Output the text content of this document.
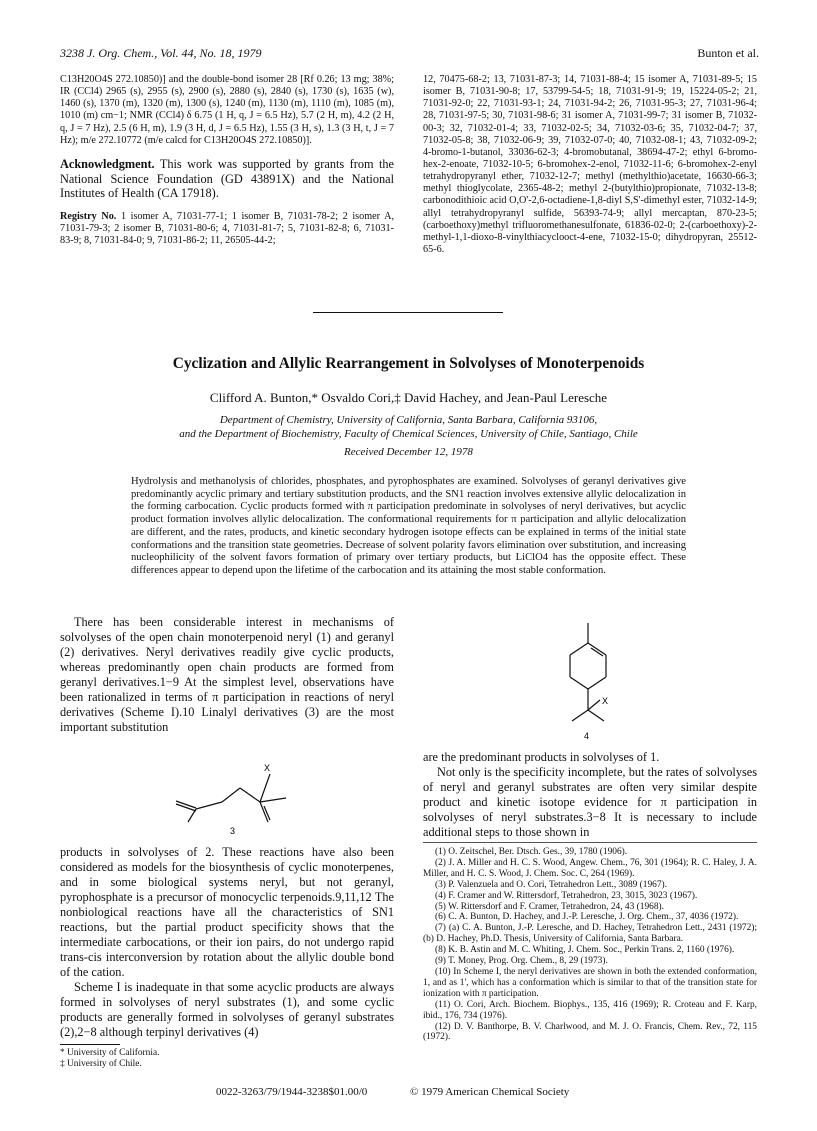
3238 J. Org. Chem., Vol. 44, No. 18, 1979	Bunton et al.

C13H20O4S 272.10850)] and the double-bond isomer 28 [Rf 0.26; 13 mg; 38%; IR (CCl4) 2965 (s), 2955 (s), 2900 (s), 2880 (s), 2840 (s), 1730 (s), 1635 (w), 1460 (s), 1370 (m), 1320 (m), 1300 (s), 1240 (m), 1130 (m), 1110 (m), 1085 (m), 1010 (m) cm−1; NMR (CCl4) δ 6.75 (1 H, q, J = 6.5 Hz), 5.7 (2 H, m), 4.2 (2 H, q, J = 7 Hz), 2.5 (6 H, m), 1.9 (3 H, d, J = 6.5 Hz), 1.55 (3 H, s), 1.3 (3 H, t, J = 7 Hz); m/e 272.10772 (m/e calcd for C13H20O4S 272.10850)].

Acknowledgment. This work was supported by grants from the National Science Foundation (GD 43891X) and the National Institutes of Health (CA 17918).

Registry No. 1 isomer A, 71031-77-1; 1 isomer B, 71031-78-2; 2 isomer A, 71031-79-3; 2 isomer B, 71031-80-6; 4, 71031-81-7; 5, 71031-82-8; 6, 71031-83-9; 8, 71031-84-0; 9, 71031-86-2; 11, 26505-44-2;

12, 70475-68-2; 13, 71031-87-3; 14, 71031-88-4; 15 isomer A, 71031-89-5; 15 isomer B, 71031-90-8; 17, 53799-54-5; 18, 71031-91-9; 19, 15224-05-2; 21, 71031-92-0; 22, 71031-93-1; 24, 71031-94-2; 26, 71031-95-3; 27, 71031-96-4; 28, 71031-97-5; 30, 71031-98-6; 31 isomer A, 71031-99-7; 31 isomer B, 71032-00-3; 32, 71032-01-4; 33, 71032-02-5; 34, 71032-03-6; 35, 71032-04-7; 37, 71032-05-8; 38, 71032-06-9; 39, 71032-07-0; 40, 71032-08-1; 43, 71032-09-2; 4-bromo-1-butanol, 33036-62-3; 4-bromobutanal, 38694-47-2; ethyl 6-bromo-hex-2-enoate, 71032-10-5; 6-bromohex-2-enol, 71032-11-6; 6-bromohex-2-enyl tetrahydropyranyl ether, 71032-12-7; methyl (methylthio)acetate, 16630-66-3; methyl thioglycolate, 2365-48-2; methyl 2-(butylthio)propionate, 71032-13-8; carbonodithioic acid O,O'-2,6-octadiene-1,8-diyl S,S'-dimethyl ester, 71032-14-9; allyl tetrahydropyranyl sulfide, 56393-74-9; allyl mercaptan, 870-23-5; (carboethoxy)methyl trifluoromethanesulfonate, 61836-02-0; 2-(carboethoxy)-2-methyl-1,1-dioxo-8-vinylthiacyclooct-4-ene, 71032-15-0; dihydropyran, 25512-65-6.

Cyclization and Allylic Rearrangement in Solvolyses of Monoterpenoids
Clifford A. Bunton,* Osvaldo Cori,‡ David Hachey, and Jean-Paul Leresche
Department of Chemistry, University of California, Santa Barbara, California 93106,
and the Department of Biochemistry, Faculty of Chemical Sciences, University of Chile, Santiago, Chile
Received December 12, 1978
Hydrolysis and methanolysis of chlorides, phosphates, and pyrophosphates are examined. Solvolyses of geranyl derivatives give predominantly acyclic primary and tertiary substitution products, and the SN1 reaction involves extensive allylic delocalization in the forming carbocation. Cyclic products formed with π participation predominate in solvolyses of neryl derivatives, but acyclic product formation involves allylic delocalization. The conformational requirements for π participation and allylic delocalization are different, and the rates, products, and kinetic secondary hydrogen isotope effects can be explained in terms of the initial state conformations and the transition state geometries. Decrease of solvent polarity favors elimination over substitution, and increasing nucleophilicity of the solvent favors formation of primary over tertiary products, but LiClO4 has the opposite effect. These differences appear to depend upon the lifetime of the carbocation and its attaining the most stable conformation.

There has been considerable interest in mechanisms of solvolyses of the open chain monoterpenoid neryl (1) and geranyl (2) derivatives. Neryl derivatives readily give cyclic products, whereas predominantly open chain products are formed from geranyl derivatives.1−9 At the simplest level, observations have been rationalized in terms of π participation in reactions of neryl derivatives (Scheme I).10 Linalyl derivatives (3) are the most important substitution

X
3

products in solvolyses of 2. These reactions have also been considered as models for the biosynthesis of cyclic monoterpenes, and in some biological systems neryl, but not geranyl, pyrophosphate is a precursor of monocyclic terpenoids.9,11,12 The nonbiological reactions have all the characteristics of SN1 reactions, but the partial product specificity shows that the intermediate carbocations, or their ion pairs, do not undergo rapid trans-cis interconversion by rotation about the allylic double bond of the cation.

Scheme I is inadequate in that some acyclic products are always formed in solvolyses of neryl substrates (1), and some cyclic products are generally formed in solvolyses of geranyl substrates (2),2−8 although terpinyl derivatives (4)

* University of California.

‡ University of Chile.

X
4

are the predominant products in solvolyses of 1.

Not only is the specificity incomplete, but the rates of solvolyses of neryl and geranyl substrates are often very similar despite product and kinetic isotope evidence for π participation in solvolyses of neryl substrates.3−8 It is necessary to include additional steps to those shown in

(1) O. Zeitschel, Ber. Dtsch. Ges., 39, 1780 (1906).

(2) J. A. Miller and H. C. S. Wood, Angew. Chem., 76, 301 (1964); R. C. Haley, J. A. Miller, and H. C. S. Wood, J. Chem. Soc. C, 264 (1969).

(3) P. Valenzuela and O. Cori, Tetrahedron Lett., 3089 (1967).

(4) F. Cramer and W. Rittersdorf, Tetrahedron, 23, 3015, 3023 (1967).

(5) W. Rittersdorf and F. Cramer, Tetrahedron, 24, 43 (1968).

(6) C. A. Bunton, D. Hachey, and J.-P. Leresche, J. Org. Chem., 37, 4036 (1972).

(7) (a) C. A. Bunton, J.-P. Leresche, and D. Hachey, Tetrahedron Lett., 2431 (1972); (b) D. Hachey, Ph.D. Thesis, University of California, Santa Barbara.

(8) K. B. Astin and M. C. Whiting, J. Chem. Soc., Perkin Trans. 2, 1160 (1976).

(9) T. Money, Prog. Org. Chem., 8, 29 (1973).

(10) In Scheme I, the neryl derivatives are shown in both the extended conformation, 1, and as 1', which has a conformation which is similar to that of the transition state for ionization with π participation.

(11) O. Cori, Arch. Biochem. Biophys., 135, 416 (1969); R. Croteau and F. Karp, ibid., 176, 734 (1976).

(12) D. V. Banthorpe, B. V. Charlwood, and M. J. O. Francis, Chem. Rev., 72, 115 (1972).

0022-3263/79/1944-3238$01.00/0	© 1979 American Chemical Society
